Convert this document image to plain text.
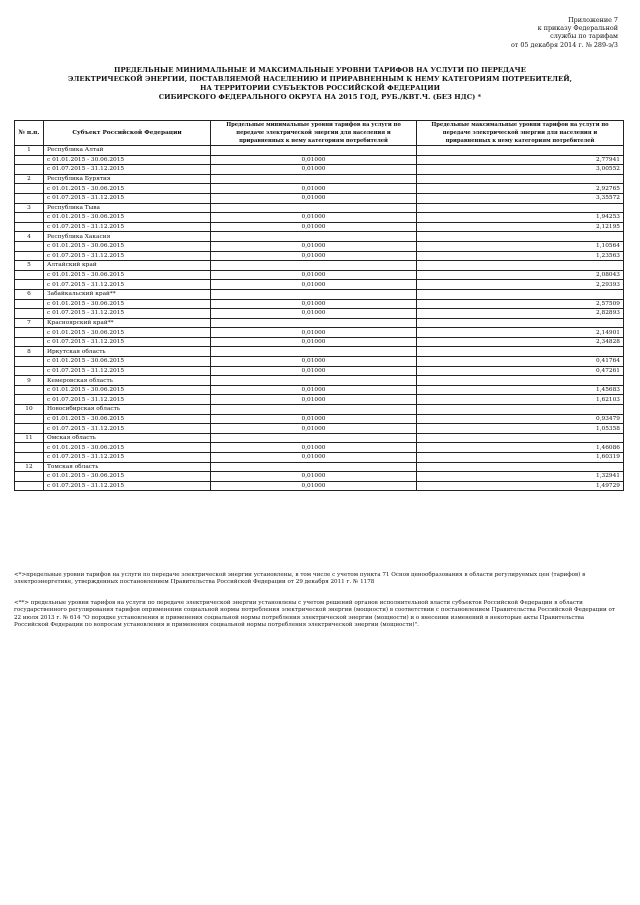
Приложение 7
к приказу Федеральной
службы по тарифам
от 05 декабря 2014 г. № 289-э/3
ПРЕДЕЛЬНЫЕ МИНИМАЛЬНЫЕ И МАКСИМАЛЬНЫЕ УРОВНИ ТАРИФОВ НА УСЛУГИ ПО ПЕРЕДАЧЕ
ЭЛЕКТРИЧЕСКОЙ ЭНЕРГИИ, ПОСТАВЛЯЕМОЙ НАСЕЛЕНИЮ И ПРИРАВНЕННЫМ К НЕМУ КАТЕГОРИЯМ ПОТРЕБИТЕЛЕЙ,
НА ТЕРРИТОРИИ СУБЪЕКТОВ РОССИЙСКОЙ ФЕДЕРАЦИИ
СИБИРСКОГО ФЕДЕРАЛЬНОГО ОКРУГА НА 2015 ГОД, РУБ./КВТ.Ч. (БЕЗ НДС) *
№ п.п.	Субъект Российской Федерации	Предельные минимальные уровни тарифов на услуги по передаче электрической энергии для населения и приравненных к нему категориям потребителей	Предельные максимальные уровни тарифов на услуги по передаче электрической энергии для населения и приравненных к нему категориям потребителей
1	Республика Алтай		
	с 01.01.2015 - 30.06.2015	0,01000	2,77941
	с 01.07.2015 - 31.12.2015	0,01000	3,00552
2	Республика Бурятия		
	с 01.01.2015 - 30.06.2015	0,01000	2,92765
	с 01.07.2015 - 31.12.2015	0,01000	3,35572
3	Республика Тыва		
	с 01.01.2015 - 30.06.2015	0,01000	1,94253
	с 01.07.2015 - 31.12.2015	0,01000	2,12195
4	Республика Хакасия		
	с 01.01.2015 - 30.06.2015	0,01000	1,10564
	с 01.07.2015 - 31.12.2015	0,01000	1,23563
5	Алтайский край		
	с 01.01.2015 - 30.06.2015	0,01000	2,08043
	с 01.07.2015 - 31.12.2015	0,01000	2,29393
6	Забайкальский край**		
	с 01.01.2015 - 30.06.2015	0,01000	2,57509
	с 01.07.2015 - 31.12.2015	0,01000	2,82893
7	Красноярский край**		
	с 01.01.2015 - 30.06.2015	0,01000	2,14901
	с 01.07.2015 - 31.12.2015	0,01000	2,34828
8	Иркутская область		
	с 01.01.2015 - 30.06.2015	0,01000	0,41764
	с 01.07.2015 - 31.12.2015	0,01000	0,47261
9	Кемеровская область		
	с 01.01.2015 - 30.06.2015	0,01000	1,45683
	с 01.07.2015 - 31.12.2015	0,01000	1,62103
10	Новосибирская область		
	с 01.01.2015 - 30.06.2015	0,01000	0,93479
	с 01.07.2015 - 31.12.2015	0,01000	1,05358
11	Омская область		
	с 01.01.2015 - 30.06.2015	0,01000	1,46086
	с 01.07.2015 - 31.12.2015	0,01000	1,60319
12	Томская область		
	с 01.01.2015 - 30.06.2015	0,01000	1,32941
	с 01.07.2015 - 31.12.2015	0,01000	1,49729
<*>предельные уровни тарифов на услуги по передаче электрической энергии установлены, в том числе с учетом пункта 71 Основ ценообразования в области регулируемых цен (тарифов) в электроэнергетике, утвержденных постановлением Правительства Российской Федерации от 29 декабря 2011 г. № 1178
<**> предельные уровни тарифов на услуги по передаче электрической энергии установлены с учетом решений органов исполнительной власти субъектов Российской Федерации в области государственного регулирования тарифов оприменении социальной нормы потребления электрической энергии (мощности) в соответствии с постановлением Правительства Российской Федерации от 22 июля 2013 г. № 614 "О порядке установления и применения социальной нормы потребления электрической энергии (мощности) и о внесении изменений в некоторые акты Правительства Российской Федерации по вопросам установления и применения социальной нормы потребления электрической энергии (мощности)".
